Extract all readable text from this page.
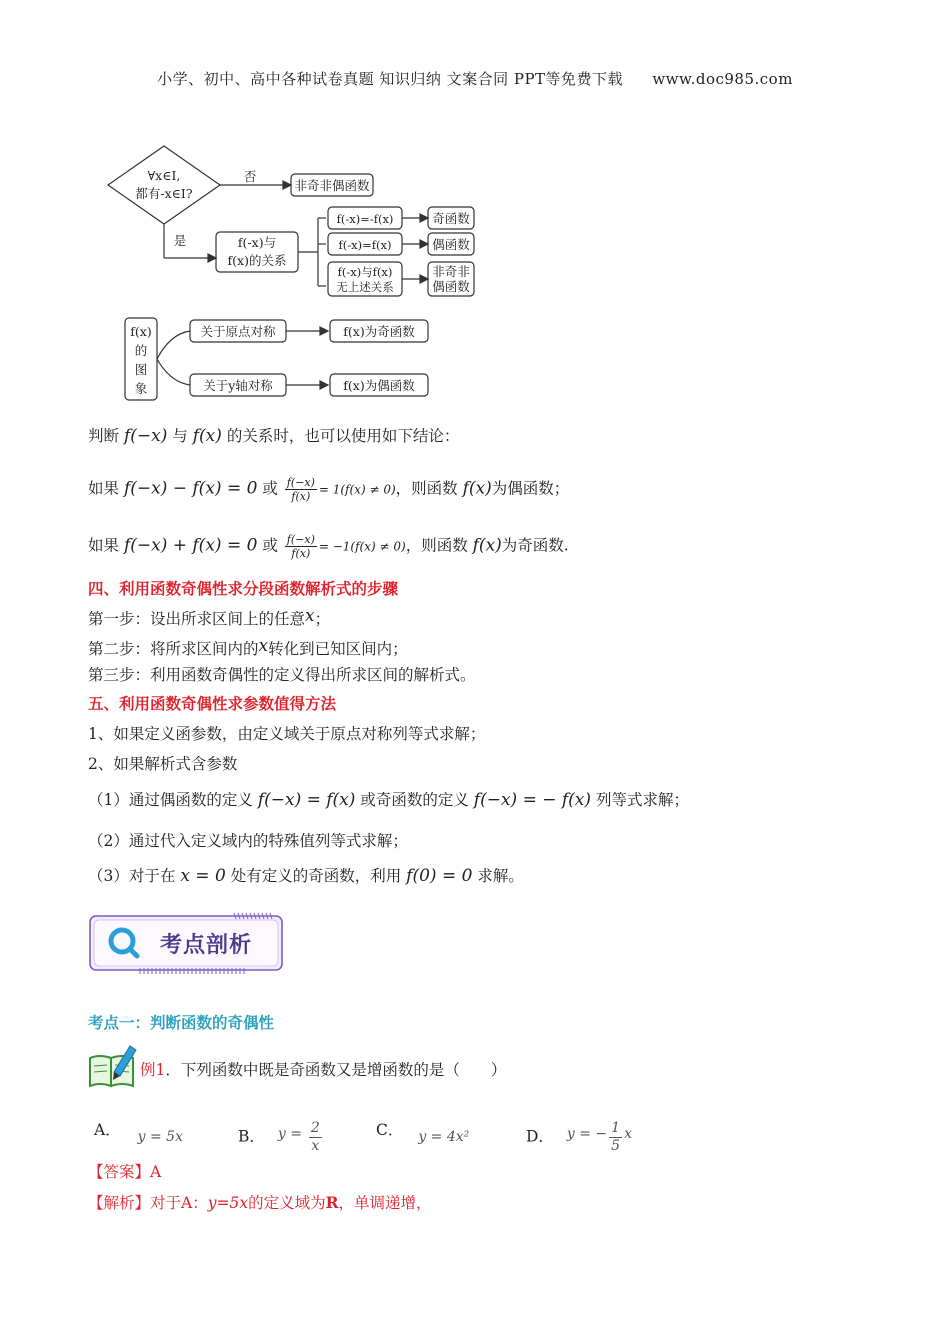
小学、初中、高中各种试卷真题 知识归纳 文案合同 PPT等免费下载 www.doc985.com
∀x∈I,
都有-x∈I?
否
是
非奇非偶函数
f(-x)与
f(x)的关系
f(-x)=-f(x)
f(-x)=f(x)
f(-x)与f(x)
无上述关系
奇函数
偶函数
非奇非
偶函数
f(x)
的
图
象
关于原点对称
关于y轴对称
f(x)为奇函数
f(x)为偶函数
判断 f(−x) 与 f(x) 的关系时，也可以使用如下结论：
如果 f(−x) − f(x) = 0 或 $\frac{f(-x)}{f(x)} = 1(f(x) \ne 0)$，则函数 f(x)为偶函数；
如果 f(−x) + f(x) = 0 或 $\frac{f(-x)}{f(x)} = -1(f(x) \ne 0)$，则函数 f(x)为奇函数.
四、利用函数奇偶性求分段函数解析式的步骤
第一步：设出所求区间上的任意x；
第二步：将所求区间内的x转化到已知区间内；
第三步：利用函数奇偶性的定义得出所求区间的解析式。
五、利用函数奇偶性求参数值得方法
1、如果定义函参数，由定义域关于原点对称列等式求解；
2、如果解析式含参数
（1）通过偶函数的定义 f(−x) = f(x) 或奇函数的定义 f(−x) = − f(x) 列等式求解；
（2）通过代入定义域内的特殊值列等式求解；
（3）对于在 x = 0 处有定义的奇函数，利用 f(0) = 0 求解。
考点剖析
考点一：判断函数的奇偶性
例1．下列函数中既是奇函数又是增函数的是（　　）
A． y = 5x	B． $y = \frac{2}{x}$	C． y = 4x²	D． y = − $\frac{1}{5}$ x
【答案】A
【解析】对于A：y=5x的定义域为R，单调递增，
